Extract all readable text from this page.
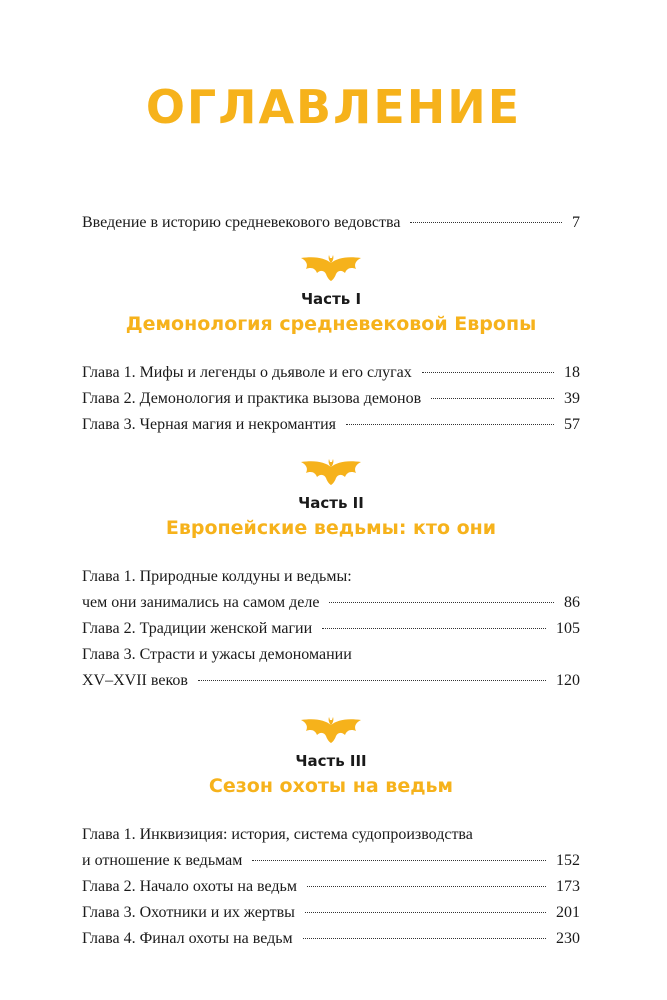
ОГЛАВЛЕНИЕ
Введение в историю средневекового ведовства	7
Часть I
Демонология средневековой Европы
Глава 1. Мифы и легенды о дьяволе и его слугах	18
Глава 2. Демонология и практика вызова демонов	39
Глава 3. Черная магия и некромантия	57
Часть II
Европейские ведьмы: кто они
Глава 1. Природные колдуны и ведьмы:
чем они занимались на самом деле	86
Глава 2. Традиции женской магии	105
Глава 3. Страсти и ужасы демономании
XV–XVII веков	120
Часть III
Сезон охоты на ведьм
Глава 1. Инквизиция: история, система судопроизводства
и отношение к ведьмам	152
Глава 2. Начало охоты на ведьм	173
Глава 3. Охотники и их жертвы	201
Глава 4. Финал охоты на ведьм	230
